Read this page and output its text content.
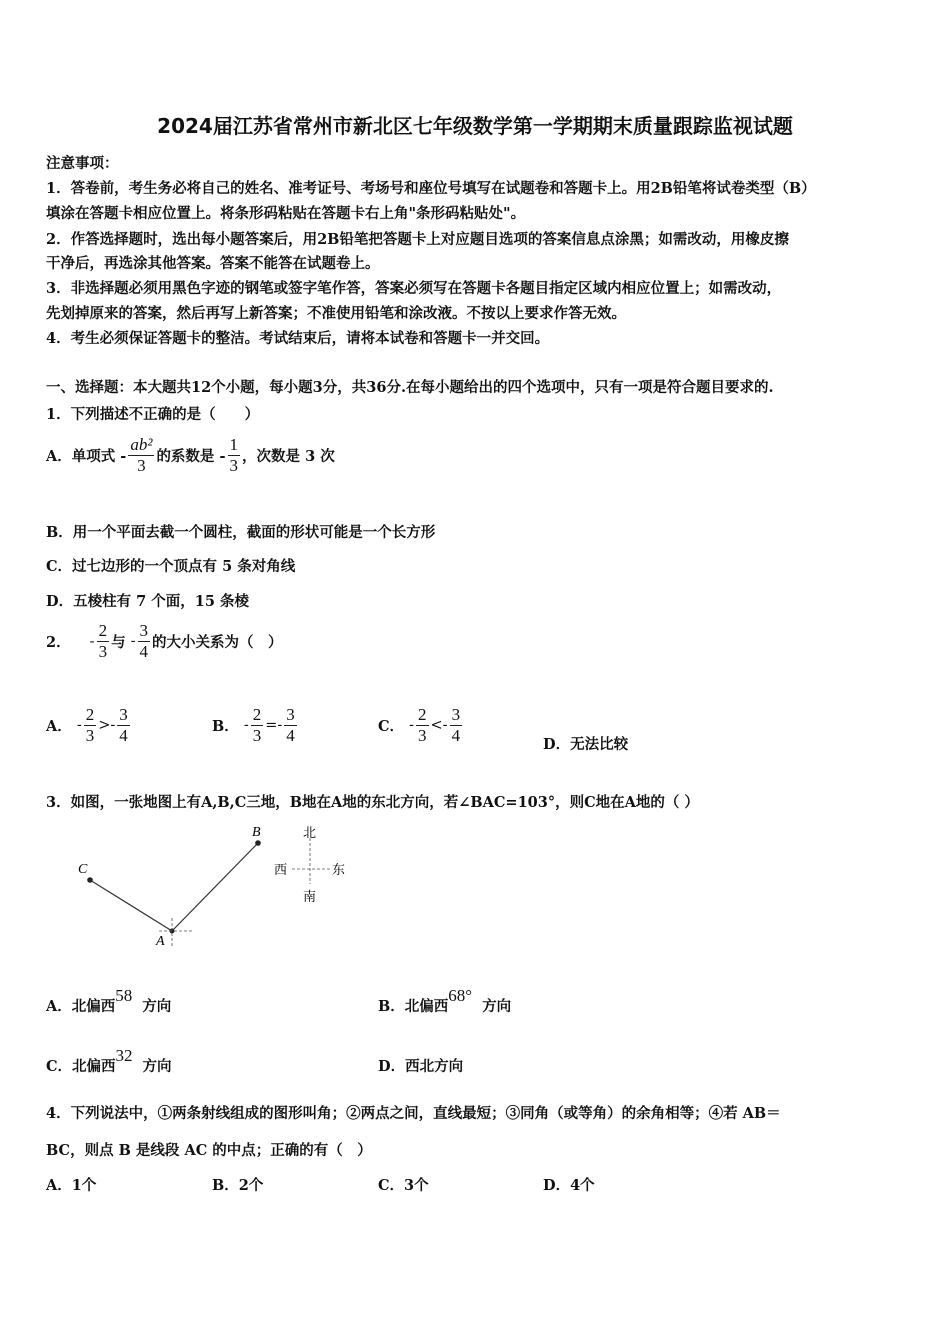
2024届江苏省常州市新北区七年级数学第一学期期末质量跟踪监视试题
注意事项：
1．答卷前，考生务必将自己的姓名、准考证号、考场号和座位号填写在试题卷和答题卡上。用2B铅笔将试卷类型（B）
填涂在答题卡相应位置上。将条形码粘贴在答题卡右上角"条形码粘贴处"。
2．作答选择题时，选出每小题答案后，用2B铅笔把答题卡上对应题目选项的答案信息点涂黑；如需改动，用橡皮擦
干净后，再选涂其他答案。答案不能答在试题卷上。
3．非选择题必须用黑色字迹的钢笔或签字笔作答，答案必须写在答题卡各题目指定区域内相应位置上；如需改动，
先划掉原来的答案，然后再写上新答案；不准使用铅笔和涂改液。不按以上要求作答无效。
4．考生必须保证答题卡的整洁。考试结束后，请将本试卷和答题卡一并交回。
一、选择题：本大题共12个小题，每小题3分，共36分.在每小题给出的四个选项中，只有一项是符合题目要求的.
1．下列描述不正确的是（　　）
A．单项式 - $\frac{\text{ab²}}{3}$ 的系数是 - $\frac{1}{3}$ ，次数是 3 次
B．用一个平面去截一个圆柱，截面的形状可能是一个长方形
C．过七边形的一个顶点有 5 条对角线
D．五棱柱有 7 个面，15 条棱
2． - $\frac{2}{3}$ 与 - $\frac{3}{4}$ 的大小关系为（　）
A． - $\frac{2}{3} >- \frac{3}{4}$	B． - $\frac{2}{3} =- \frac{3}{4}$	C． - $\frac{2}{3} <- \frac{3}{4}$	D．无法比较
3．如图，一张地图上有A,B,C三地，B地在A地的东北方向，若∠BAC=103°，则C地在A地的（ ）
C
B
A
北
西	东
南
A．北偏西58方向	B．北偏西68°方向
C．北偏西32方向	D．西北方向
4．下列说法中，①两条射线组成的图形叫角；②两点之间，直线最短；③同角（或等角）的余角相等；④若 AB＝
BC，则点 B 是线段 AC 的中点；正确的有（　）
A．1个	B．2个	C．3个	D．4个
